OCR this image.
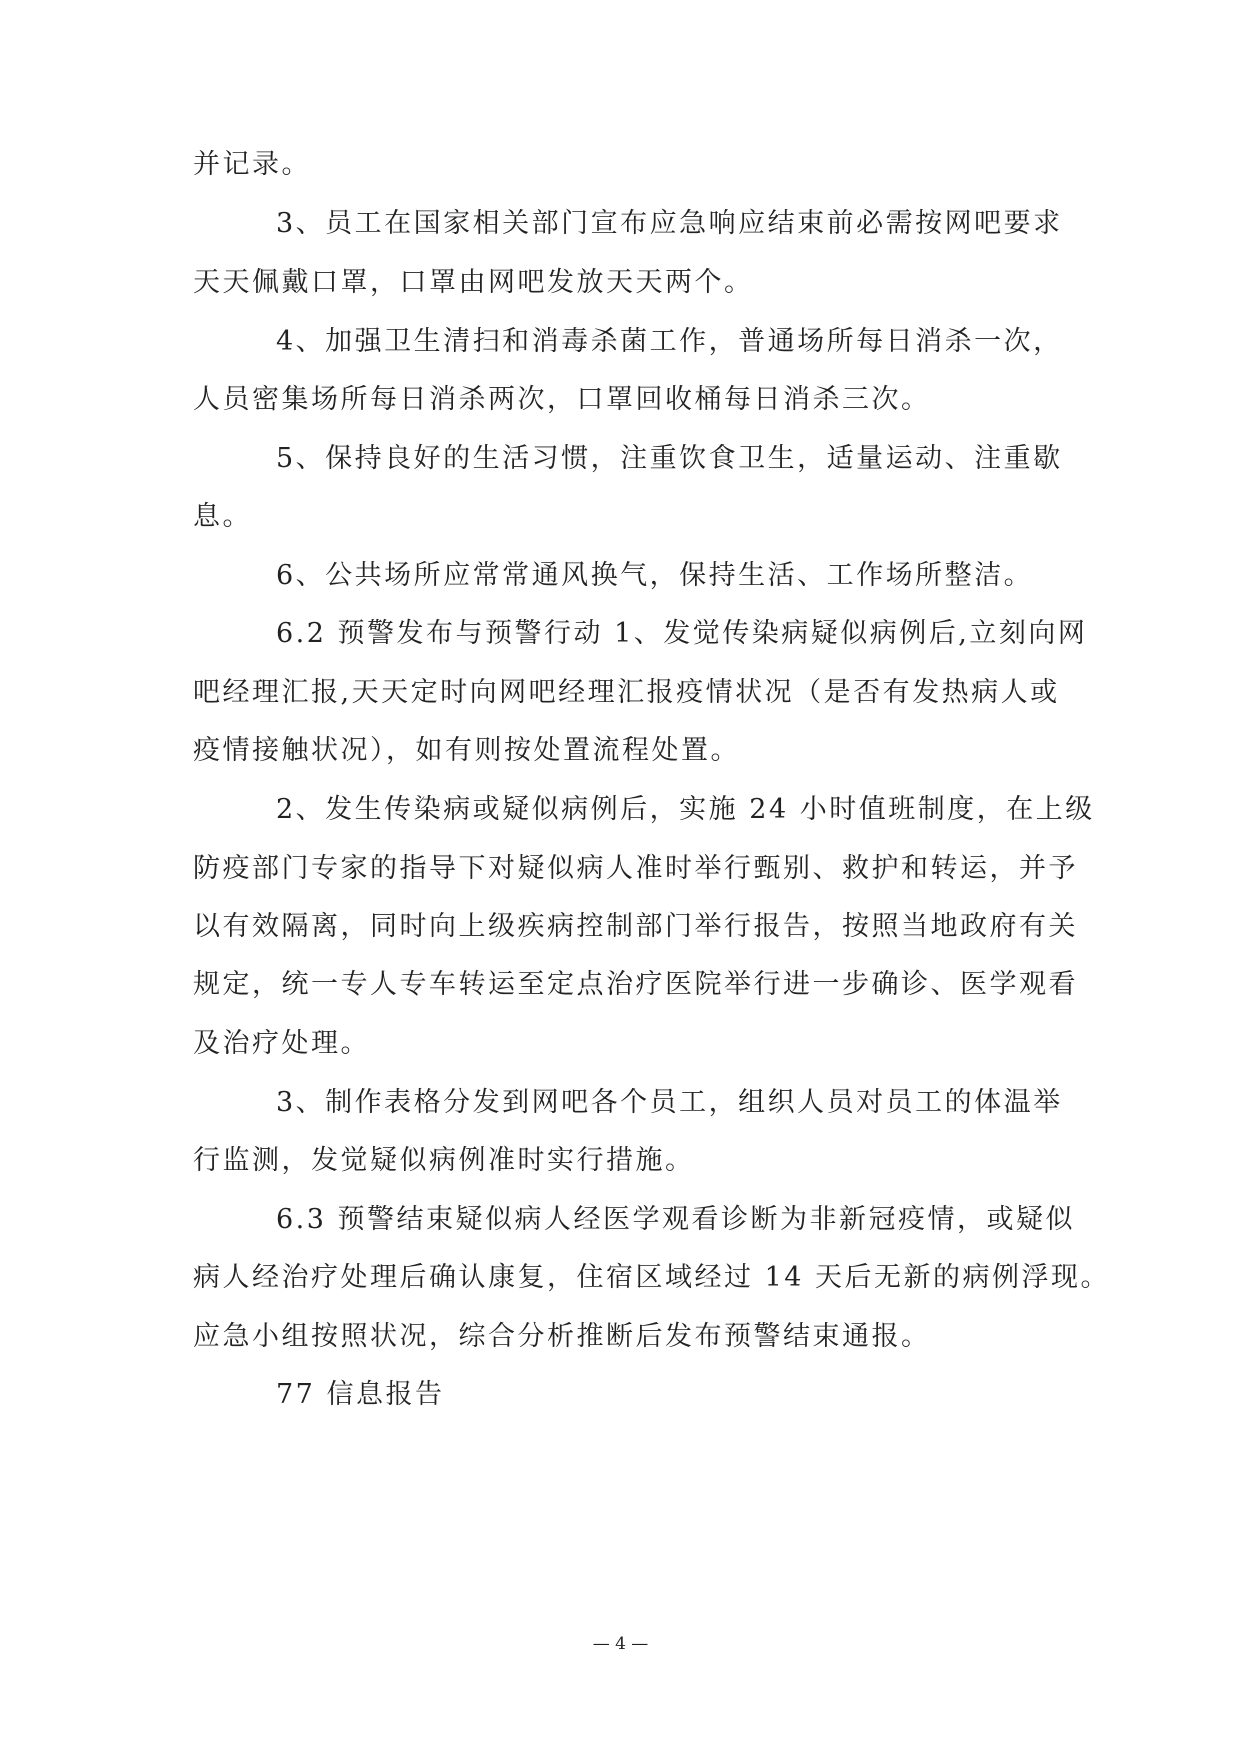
并记录。
3、员工在国家相关部门宣布应急响应结束前必需按网吧要求
天天佩戴口罩，口罩由网吧发放天天两个。
4、加强卫生清扫和消毒杀菌工作，普通场所每日消杀一次，
人员密集场所每日消杀两次，口罩回收桶每日消杀三次。
5、保持良好的生活习惯，注重饮食卫生，适量运动、注重歇
息。
6、公共场所应常常通风换气，保持生活、工作场所整洁。
6.2 预警发布与预警行动 1、发觉传染病疑似病例后,立刻向网
吧经理汇报,天天定时向网吧经理汇报疫情状况（是否有发热病人或
疫情接触状况），如有则按处置流程处置。
2、发生传染病或疑似病例后，实施 24 小时值班制度，在上级
防疫部门专家的指导下对疑似病人准时举行甄别、救护和转运，并予
以有效隔离，同时向上级疾病控制部门举行报告，按照当地政府有关
规定，统一专人专车转运至定点治疗医院举行进一步确诊、医学观看
及治疗处理。
3、制作表格分发到网吧各个员工，组织人员对员工的体温举
行监测，发觉疑似病例准时实行措施。
6.3 预警结束疑似病人经医学观看诊断为非新冠疫情，或疑似
病人经治疗处理后确认康复，住宿区域经过 14 天后无新的病例浮现。
应急小组按照状况，综合分析推断后发布预警结束通报。
77 信息报告
— 4 —
